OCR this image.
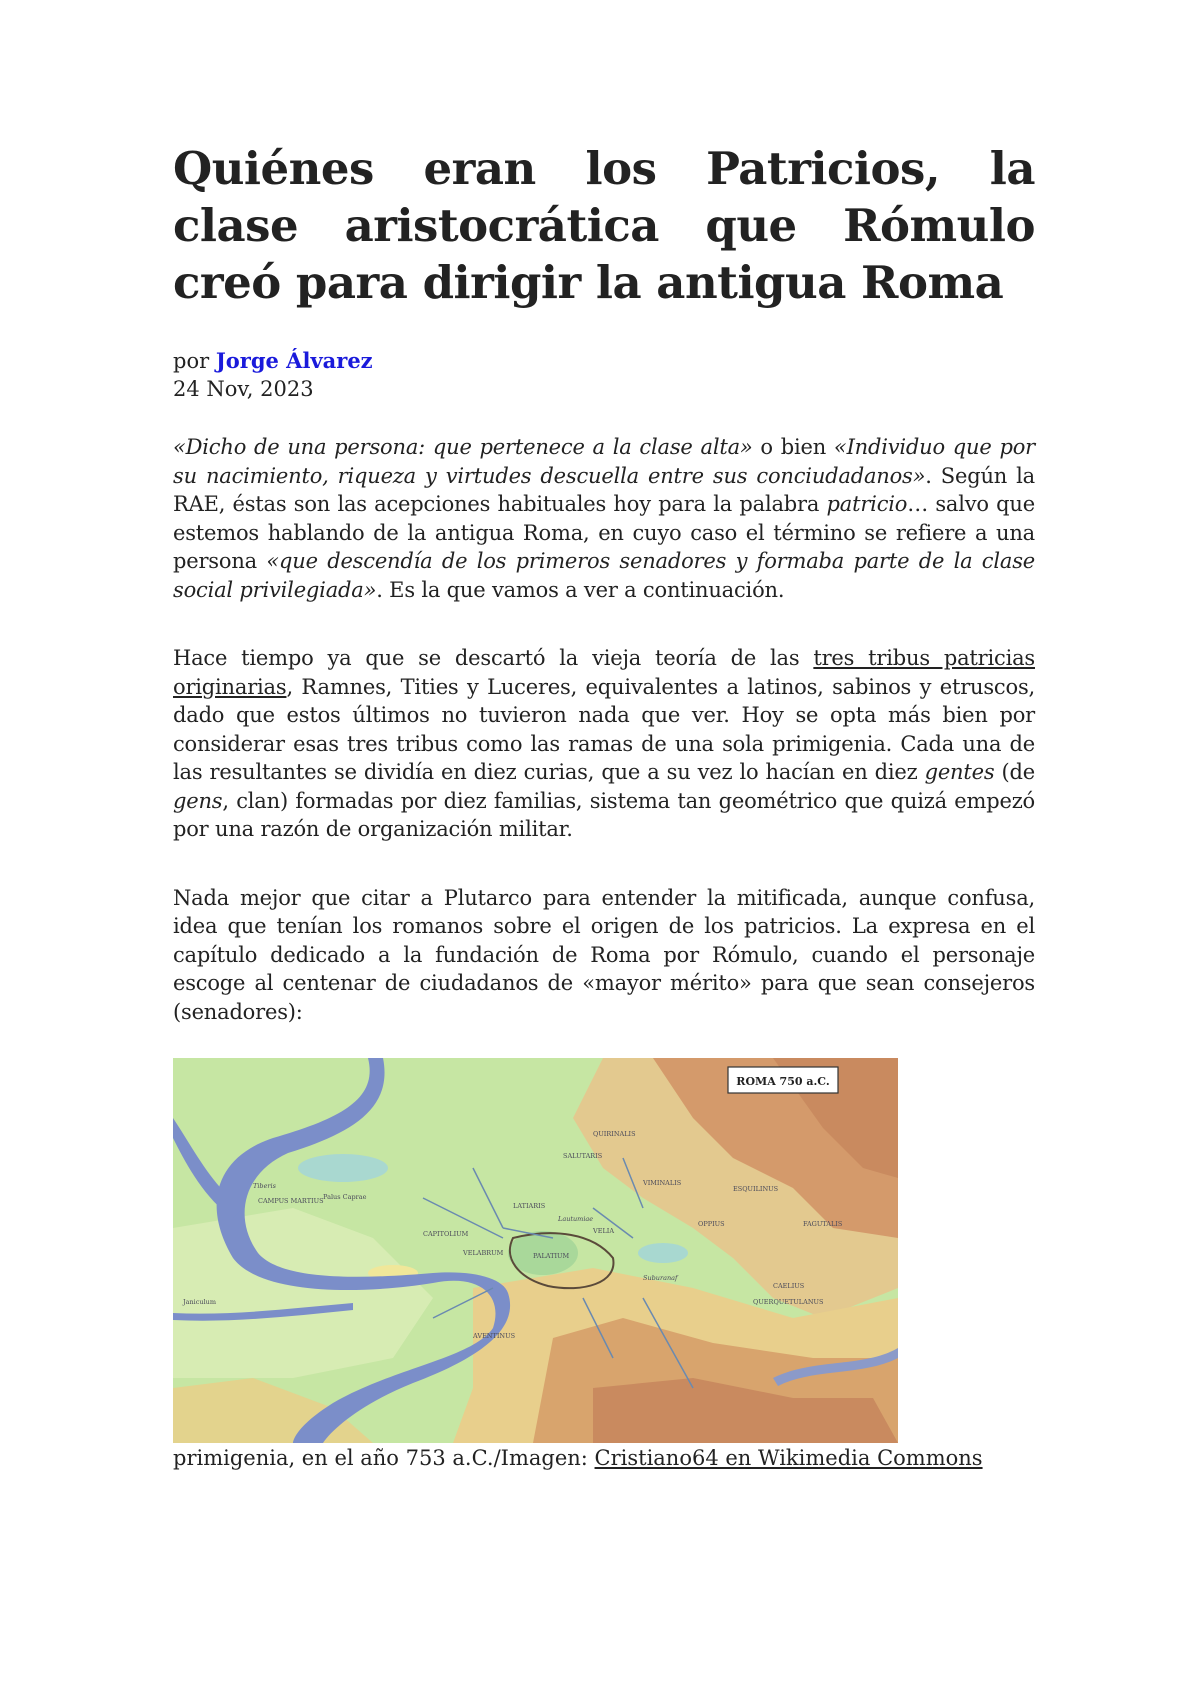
Quiénes eran los Patricios, la clase aristocrática que Rómulo creó para dirigir la antigua Roma
por Jorge Álvarez
24 Nov, 2023

«Dicho de una persona: que pertenece a la clase alta» o bien «Individuo que por su nacimiento, riqueza y virtudes descuella entre sus conciudadanos». Según la RAE, éstas son las acepciones habituales hoy para la palabra patricio… salvo que estemos hablando de la antigua Roma, en cuyo caso el término se refiere a una persona «que descendía de los primeros senadores y formaba parte de la clase social privilegiada». Es la que vamos a ver a continuación.

Hace tiempo ya que se descartó la vieja teoría de las tres tribus patricias originarias, Ramnes, Tities y Luceres, equivalentes a latinos, sabinos y etruscos, dado que estos últimos no tuvieron nada que ver. Hoy se opta más bien por considerar esas tres tribus como las ramas de una sola primigenia. Cada una de las resultantes se dividía en diez curias, que a su vez lo hacían en diez gentes (de gens, clan) formadas por diez familias, sistema tan geométrico que quizá empezó por una razón de organización militar.

Nada mejor que citar a Plutarco para entender la mitificada, aunque confusa, idea que tenían los romanos sobre el origen de los patricios. La expresa en el capítulo dedicado a la fundación de Roma por Rómulo, cuando el personaje escoge al centenar de ciudadanos de «mayor mérito» para que sean consejeros (senadores):

ROMA 750 a.C.
CAMPUS MARTIUS Palus Caprae
Tiberis
CAPITOLIUM
VELABRUM	PALATIUM
QUIRINALIS
VIMINALIS
SALUTARIS
ESQUILINUS
OPPIUS	FAGUTALIS
CAELIUS
QUERQUETULANUS
AVENTINUS
Janiculum
Suburanaf
VELIA
LATIARIS
Lautumiae
primigenia, en el año 753 a.C./Imagen: Cristiano64 en Wikimedia Commons
